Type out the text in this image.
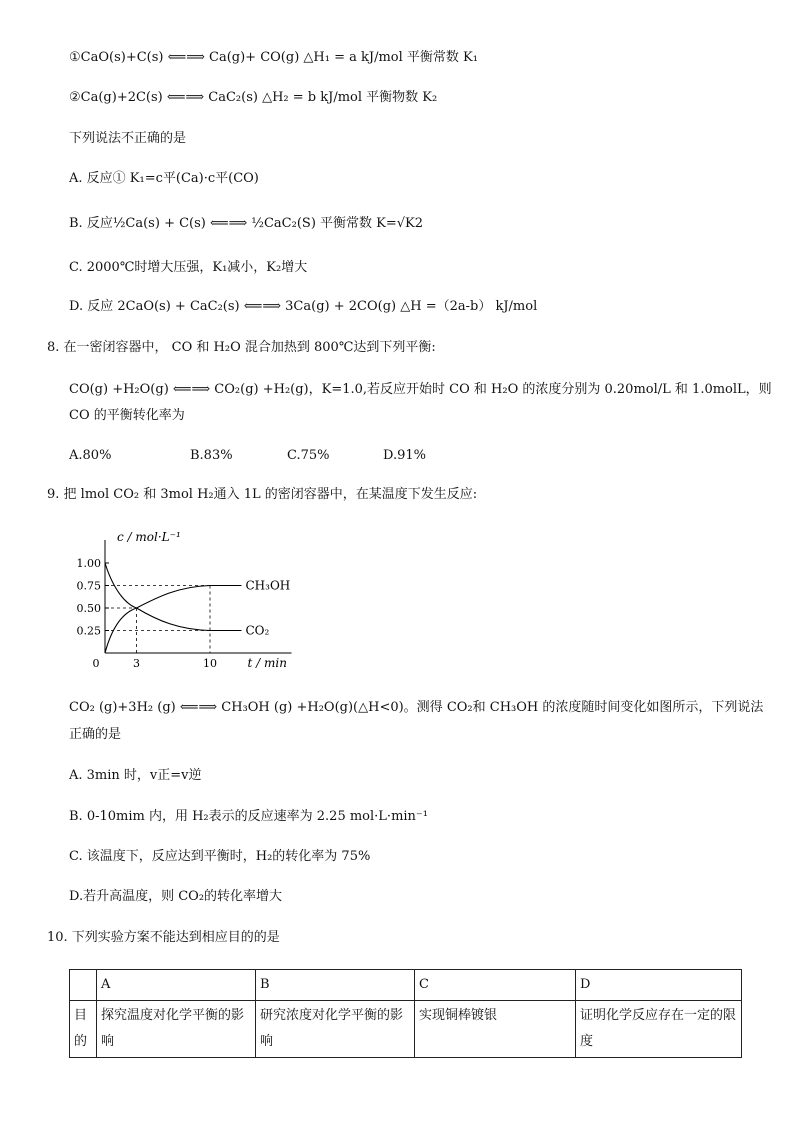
①CaO(s)+C(s) ⟸⟹ Ca(g)+ CO(g) △H₁ = a kJ/mol 平衡常数 K₁
②Ca(g)+2C(s) ⟸⟹ CaC₂(s) △H₂ = b kJ/mol 平衡物数 K₂
下列说法不正确的是
A. 反应① K₁=c平(Ca)·c平(CO)
B. 反应½Ca(s) + C(s) ⟸⟹ ½CaC₂(S) 平衡常数 K=√K2
C. 2000℃时增大压强，K₁减小，K₂增大
D. 反应 2CaO(s) + CaC₂(s) ⟸⟹ 3Ca(g) + 2CO(g) △H =（2a-b） kJ/mol
8. 在一密闭容器中， CO 和 H₂O 混合加热到 800℃达到下列平衡:
CO(g) +H₂O(g) ⟸⟹ CO₂(g) +H₂(g)，K=1.0,若反应开始时 CO 和 H₂O 的浓度分别为 0.20mol/L 和 1.0molL，则
CO 的平衡转化率为
A.80%	B.83%	C.75%	D.91%
9. 把 lmol CO₂ 和 3mol H₂通入 1L 的密闭容器中，在某温度下发生反应:
1.00
0.75
0.50
0.25
0	3	10
c / mol·L⁻¹
t / min
CH₃OH
CO₂
CO₂ (g)+3H₂ (g) ⟸⟹ CH₃OH (g) +H₂O(g)(△H<0)。测得 CO₂和 CH₃OH 的浓度随时间变化如图所示，下列说法
正确的是
A. 3min 时，v正=v逆
B. 0-10mim 内，用 H₂表示的反应速率为 2.25 mol·L·min⁻¹
C. 该温度下，反应达到平衡时，H₂的转化率为 75%
D.若升高温度，则 CO₂的转化率增大
10. 下列实验方案不能达到相应目的的是
	A	B	C	D
目的	探究温度对化学平衡的影响	研究浓度对化学平衡的影响	实现铜棒镀银	证明化学反应存在一定的限度
